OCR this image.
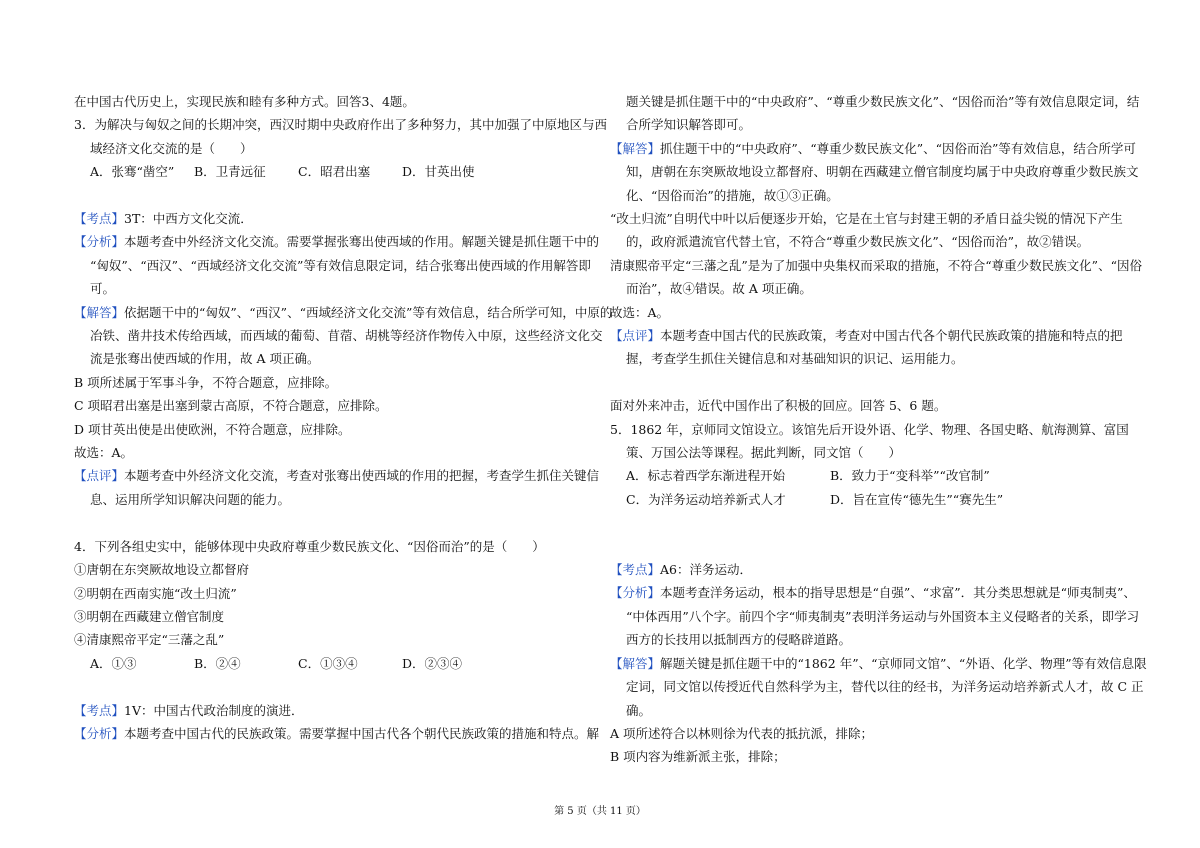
在中国古代历史上，实现民族和睦有多种方式。回答3、4题。
3．为解决与匈奴之间的长期冲突，西汉时期中央政府作出了多种努力，其中加强了中原地区与西
域经济文化交流的是（　　）
A．张骞“凿空”	B．卫青远征	C．昭君出塞	D．甘英出使
【考点】3T：中西方文化交流．
【分析】本题考查中外经济文化交流。需要掌握张骞出使西域的作用。解题关键是抓住题干中的
“匈奴”、“西汉”、“西域经济文化交流”等有效信息限定词，结合张骞出使西域的作用解答即
可。
【解答】依据题干中的“匈奴”、“西汉”、“西域经济文化交流”等有效信息，结合所学可知，中原的
冶铁、凿井技术传给西域，而西域的葡萄、苜蓿、胡桃等经济作物传入中原，这些经济文化交
流是张骞出使西域的作用，故 A 项正确。
B 项所述属于军事斗争，不符合题意，应排除。
C 项昭君出塞是出塞到蒙古高原，不符合题意，应排除。
D 项甘英出使是出使欧洲，不符合题意，应排除。
故选：A。
【点评】本题考查中外经济文化交流，考查对张骞出使西域的作用的把握，考查学生抓住关键信
息、运用所学知识解决问题的能力。
4．下列各组史实中，能够体现中央政府尊重少数民族文化、“因俗而治”的是（　　）
①唐朝在东突厥故地设立都督府
②明朝在西南实施“改土归流”
③明朝在西藏建立僧官制度
④清康熙帝平定“三藩之乱”
A．①③	B．②④	C．①③④	D．②③④
【考点】1V：中国古代政治制度的演进．
【分析】本题考查中国古代的民族政策。需要掌握中国古代各个朝代民族政策的措施和特点。解
题关键是抓住题干中的“中央政府”、“尊重少数民族文化”、“因俗而治”等有效信息限定词，结
合所学知识解答即可。
【解答】抓住题干中的“中央政府”、“尊重少数民族文化”、“因俗而治”等有效信息，结合所学可
知，唐朝在东突厥故地设立都督府、明朝在西藏建立僧官制度均属于中央政府尊重少数民族文
化、“因俗而治”的措施，故①③正确。
“改土归流”自明代中叶以后便逐步开始，它是在土官与封建王朝的矛盾日益尖锐的情况下产生
的，政府派遣流官代替土官，不符合“尊重少数民族文化”、“因俗而治”，故②错误。
清康熙帝平定“三藩之乱”是为了加强中央集权而采取的措施，不符合“尊重少数民族文化”、“因俗
而治”，故④错误。故 A 项正确。
故选：A。
【点评】本题考查中国古代的民族政策，考查对中国古代各个朝代民族政策的措施和特点的把
握，考查学生抓住关键信息和对基础知识的识记、运用能力。
面对外来冲击，近代中国作出了积极的回应。回答 5、6 题。
5．1862 年，京师同文馆设立。该馆先后开设外语、化学、物理、各国史略、航海测算、富国
策、万国公法等课程。据此判断，同文馆（　　）
A．标志着西学东渐进程开始	B．致力于“变科举”“改官制”
C．为洋务运动培养新式人才	D．旨在宣传“德先生”“赛先生”
【考点】A6：洋务运动．
【分析】本题考查洋务运动，根本的指导思想是“自强”、“求富”．其分类思想就是“师夷制夷”、
“中体西用”八个字。前四个字“师夷制夷”表明洋务运动与外国资本主义侵略者的关系，即学习
西方的长技用以抵制西方的侵略辟道路。
【解答】解题关键是抓住题干中的“1862 年”、“京师同文馆”、“外语、化学、物理”等有效信息限
定词，同文馆以传授近代自然科学为主，替代以往的经书，为洋务运动培养新式人才，故 C 正
确。
A 项所述符合以林则徐为代表的抵抗派，排除；
B 项内容为维新派主张，排除；
第 5 页（共 11 页）
